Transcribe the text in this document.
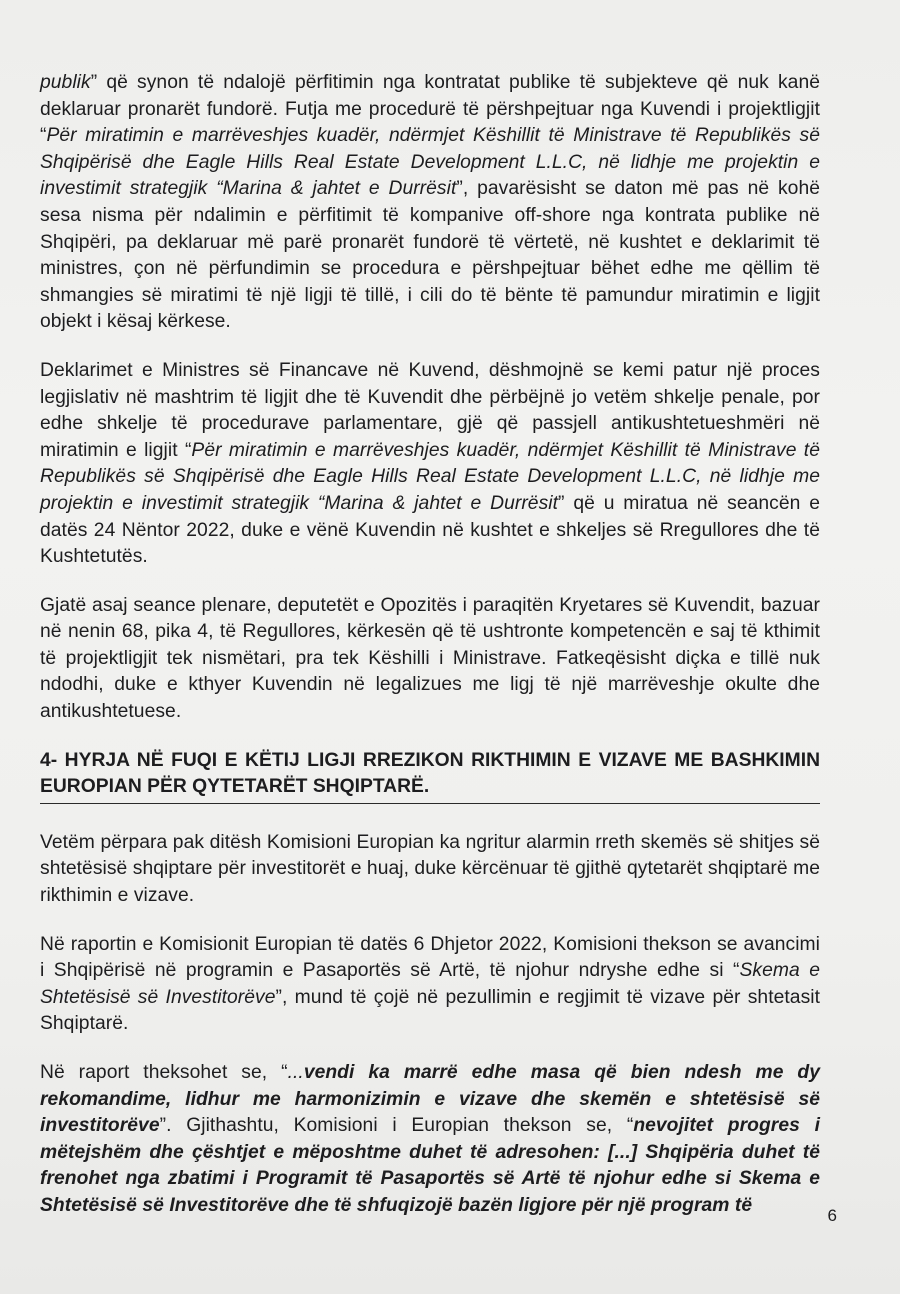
publik” që synon të ndalojë përfitimin nga kontratat publike të subjekteve që nuk kanë deklaruar pronarët fundorë. Futja me procedurë të përshpejtuar nga Kuvendi i projektligjit “Për miratimin e marrëveshjes kuadër, ndërmjet Këshillit të Ministrave të Republikës së Shqipërisë dhe Eagle Hills Real Estate Development L.L.C, në lidhje me projektin e investimit strategjik “Marina & jahtet e Durrësit”, pavarësisht se daton më pas në kohë sesa nisma për ndalimin e përfitimit të kompanive off-shore nga kontrata publike në Shqipëri, pa deklaruar më parë pronarët fundorë të vërtetë, në kushtet e deklarimit të ministres, çon në përfundimin se procedura e përshpejtuar bëhet edhe me qëllim të shmangies së miratimi të një ligji të tillë, i cili do të bënte të pamundur miratimin e ligjit objekt i kësaj kërkese.

Deklarimet e Ministres së Financave në Kuvend, dëshmojnë se kemi patur një proces legjislativ në mashtrim të ligjit dhe të Kuvendit dhe përbëjnë jo vetëm shkelje penale, por edhe shkelje të procedurave parlamentare, gjë që passjell antikushtetueshmëri në miratimin e ligjit “Për miratimin e marrëveshjes kuadër, ndërmjet Këshillit të Ministrave të Republikës së Shqipërisë dhe Eagle Hills Real Estate Development L.L.C, në lidhje me projektin e investimit strategjik “Marina & jahtet e Durrësit” që u miratua në seancën e datës 24 Nëntor 2022, duke e vënë Kuvendin në kushtet e shkeljes së Rregullores dhe të Kushtetutës.

Gjatë asaj seance plenare, deputetët e Opozitës i paraqitën Kryetares së Kuvendit, bazuar në nenin 68, pika 4, të Regullores, kërkesën që të ushtronte kompetencën e saj të kthimit të projektligjit tek nismëtari, pra tek Këshilli i Ministrave. Fatkeqësisht diçka e tillë nuk ndodhi, duke e kthyer Kuvendin në legalizues me ligj të një marrëveshje okulte dhe antikushtetuese.

4- HYRJA NË FUQI E KËTIJ LIGJI RREZIKON RIKTHIMIN E VIZAVE ME BASHKIMIN EUROPIAN PËR QYTETARËT SHQIPTARË.

Vetëm përpara pak ditësh Komisioni Europian ka ngritur alarmin rreth skemës së shitjes së shtetësisë shqiptare për investitorët e huaj, duke kërcënuar të gjithë qytetarët shqiptarë me rikthimin e vizave.

Në raportin e Komisionit Europian të datës 6 Dhjetor 2022, Komisioni thekson se avancimi i Shqipërisë në programin e Pasaportës së Artë, të njohur ndryshe edhe si “Skema e Shtetësisë së Investitorëve”, mund të çojë në pezullimin e regjimit të vizave për shtetasit Shqiptarë.

Në raport theksohet se, “...vendi ka marrë edhe masa që bien ndesh me dy rekomandime, lidhur me harmonizimin e vizave dhe skemën e shtetësisë së investitorëve”. Gjithashtu, Komisioni i Europian thekson se, “nevojitet progres i mëtejshëm dhe çështjet e mëposhtme duhet të adresohen: [...] Shqipëria duhet të frenohet nga zbatimi i Programit të Pasaportës së Artë të njohur edhe si Skema e Shtetësisë së Investitorëve dhe të shfuqizojë bazën ligjore për një program të	6
